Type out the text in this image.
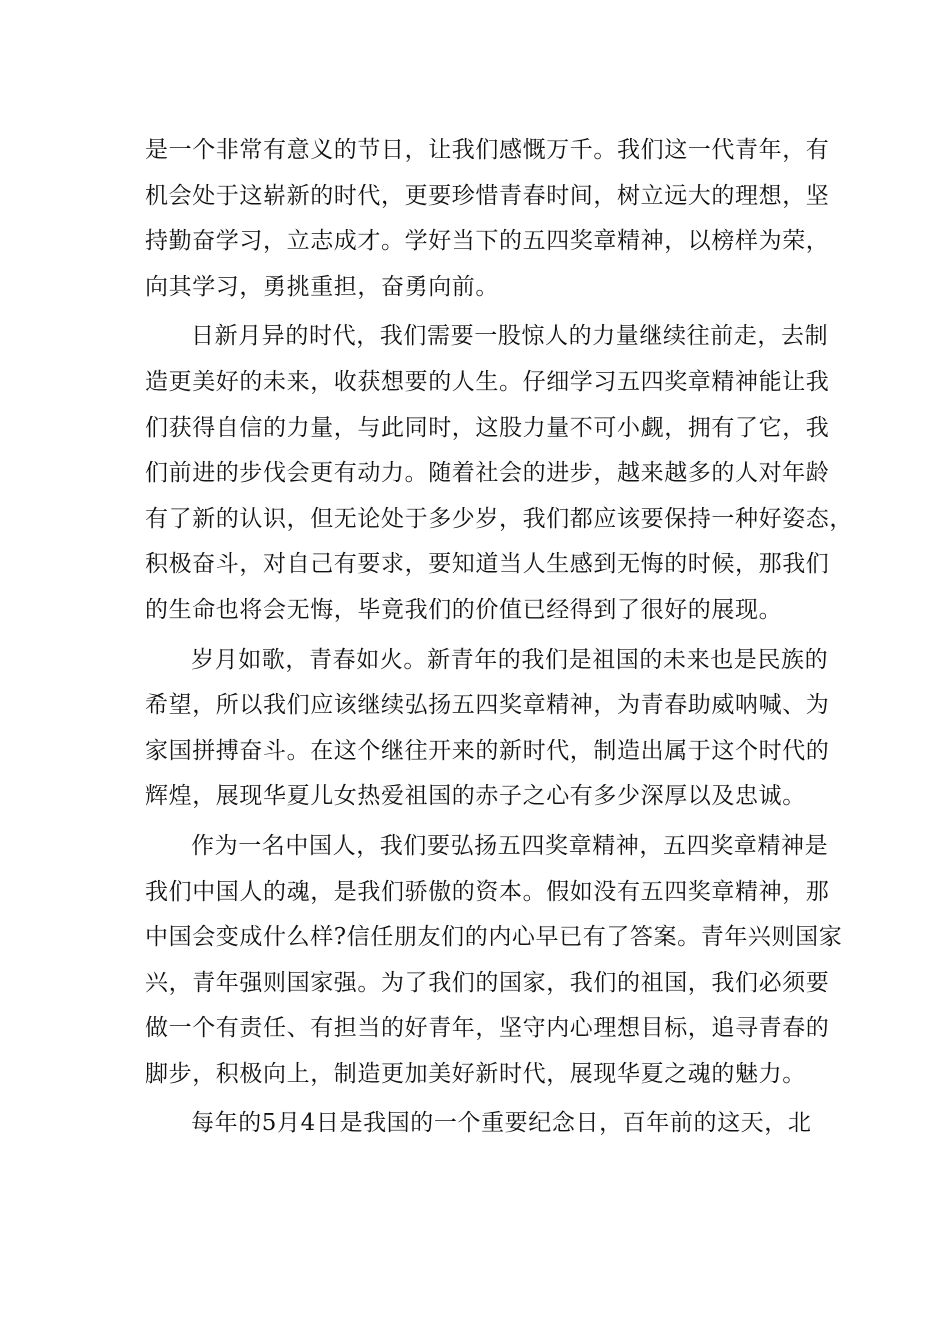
是一个非常有意义的节日，让我们感慨万千。我们这一代青年，有
机会处于这崭新的时代，更要珍惜青春时间，树立远大的理想，坚
持勤奋学习，立志成才。学好当下的五四奖章精神，以榜样为荣，
向其学习，勇挑重担，奋勇向前。

日新月异的时代，我们需要一股惊人的力量继续往前走，去制
造更美好的未来，收获想要的人生。仔细学习五四奖章精神能让我
们获得自信的力量，与此同时，这股力量不可小觑，拥有了它，我
们前进的步伐会更有动力。随着社会的进步，越来越多的人对年龄
有了新的认识，但无论处于多少岁，我们都应该要保持一种好姿态，
积极奋斗，对自己有要求，要知道当人生感到无悔的时候，那我们
的生命也将会无悔，毕竟我们的价值已经得到了很好的展现。

岁月如歌，青春如火。新青年的我们是祖国的未来也是民族的
希望，所以我们应该继续弘扬五四奖章精神，为青春助威呐喊、为
家国拼搏奋斗。在这个继往开来的新时代，制造出属于这个时代的
辉煌，展现华夏儿女热爱祖国的赤子之心有多少深厚以及忠诚。

作为一名中国人，我们要弘扬五四奖章精神，五四奖章精神是
我们中国人的魂，是我们骄傲的资本。假如没有五四奖章精神，那
中国会变成什么样?信任朋友们的内心早已有了答案。青年兴则国家
兴，青年强则国家强。为了我们的国家，我们的祖国，我们必须要
做一个有责任、有担当的好青年，坚守内心理想目标，追寻青春的
脚步，积极向上，制造更加美好新时代，展现华夏之魂的魅力。

每年的5月4日是我国的一个重要纪念日，百年前的这天，北
